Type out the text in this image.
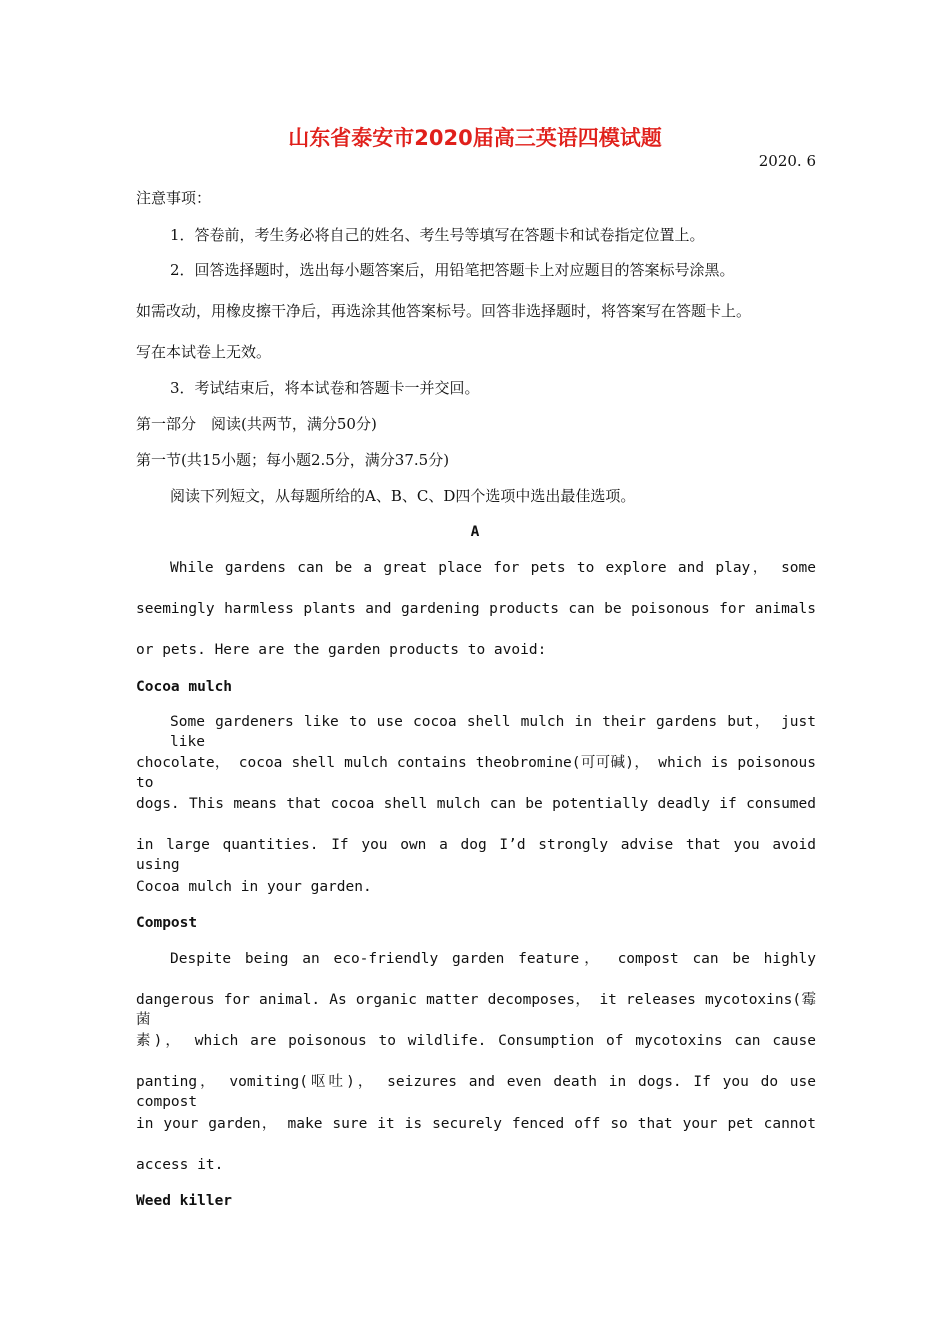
山东省泰安市2020届高三英语四模试题
2020. 6
注意事项：
1．答卷前，考生务必将自己的姓名、考生号等填写在答题卡和试卷指定位置上。
2．回答选择题时，选出每小题答案后，用铅笔把答题卡上对应题目的答案标号涂黑。
如需改动，用橡皮擦干净后，再选涂其他答案标号。回答非选择题时，将答案写在答题卡上。
写在本试卷上无效。
3．考试结束后，将本试卷和答题卡一并交回。
第一部分　阅读(共两节，满分50分)
第一节(共15小题；每小题2.5分，满分37.5分)
阅读下列短文，从每题所给的A、B、C、D四个选项中选出最佳选项。
A
While gardens can be a great place for pets to explore and play， some
seemingly harmless plants and gardening products can be poisonous for animals
or pets. Here are the garden products to avoid:
Cocoa mulch
Some gardeners like to use cocoa shell mulch in their gardens but， just like
chocolate， cocoa shell mulch contains theobromine(可可碱)， which is poisonous to
dogs. This means that cocoa shell mulch can be potentially deadly if consumed
in large quantities. If you own a dog I’d strongly advise that you avoid using
Cocoa mulch in your garden.
Compost
Despite being an eco-friendly garden feature， compost can be highly
dangerous for animal. As organic matter decomposes， it releases mycotoxins(霉菌
素)， which are poisonous to wildlife. Consumption of mycotoxins can cause
panting， vomiting(呕吐)， seizures and even death in dogs. If you do use compost
in your garden， make sure it is securely fenced off so that your pet cannot
access it.
Weed killer
